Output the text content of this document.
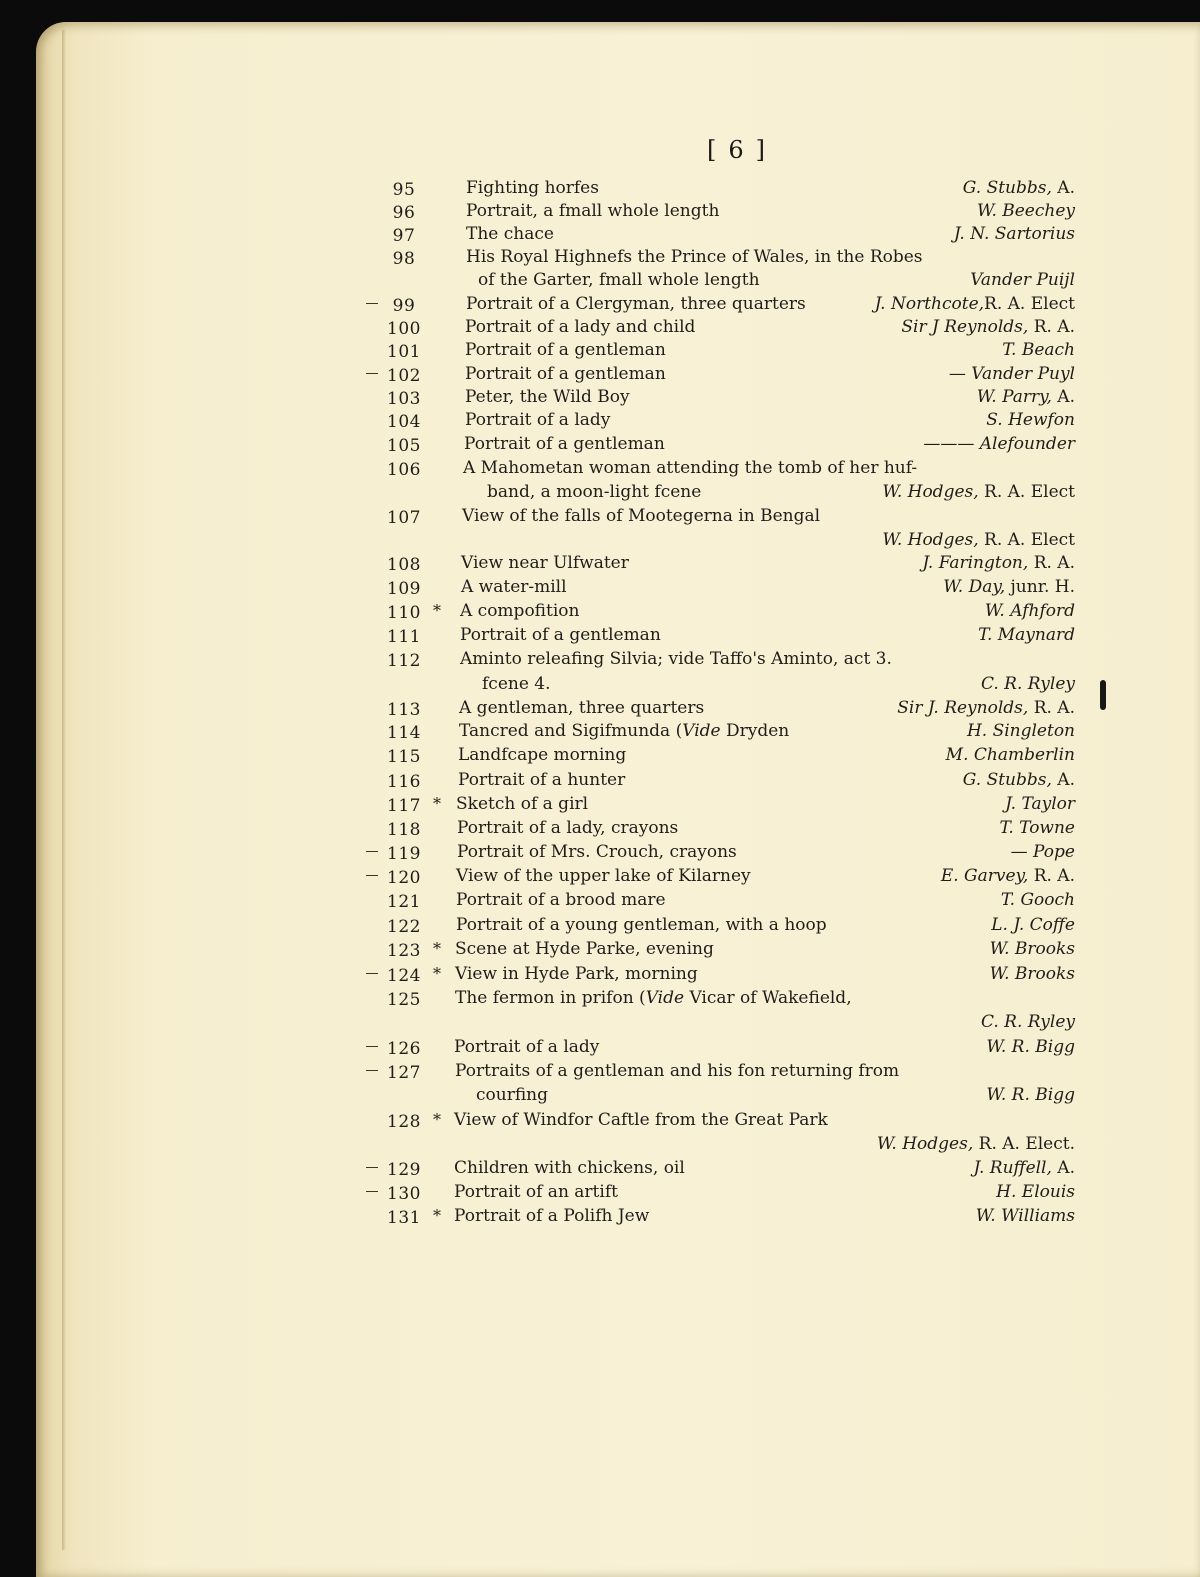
[ 6 ]
95	Fighting horfes	G. Stubbs, A.
96	Portrait, a fmall whole length	W. Beechey
97	The chace	J. N. Sartorius
98	His Royal Highnefs the Prince of Wales, in the Robes
of the Garter, fmall whole length	Vander Puijl
99	Portrait of a Clergyman, three quarters	J. Northcote,R. A. Elect
100	Portrait of a lady and child	Sir J Reynolds, R. A.
101	Portrait of a gentleman	T. Beach
102	Portrait of a gentleman	— Vander Puyl
103	Peter, the Wild Boy	W. Parry, A.
104	Portrait of a lady	S. Hewfon
105	Portrait of a gentleman	——— Alefounder
106	A Mahometan woman attending the tomb of her huf-
band, a moon-light fcene	W. Hodges, R. A. Elect
107	View of the falls of Mootegerna in Bengal
W. Hodges, R. A. Elect
108	View near Ulfwater	J. Farington, R. A.
109	A water-mill	W. Day, junr. H.
110 * A compofition	W. Afhford
111	Portrait of a gentleman	T. Maynard
112	Aminto releafing Silvia; vide Taffo's Aminto, act 3.
fcene 4.	C. R. Ryley
113	A gentleman, three quarters	Sir J. Reynolds, R. A.
114	Tancred and Sigifmunda (Vide Dryden	H. Singleton
115	Landfcape morning	M. Chamberlin
116	Portrait of a hunter	G. Stubbs, A.
117 * Sketch of a girl	J. Taylor
118	Portrait of a lady, crayons	T. Towne
119	Portrait of Mrs. Crouch, crayons	— Pope
120	View of the upper lake of Kilarney	E. Garvey, R. A.
121	Portrait of a brood mare	T. Gooch
122	Portrait of a young gentleman, with a hoop	L. J. Coffe
123 * Scene at Hyde Parke, evening	W. Brooks
124 * View in Hyde Park, morning	W. Brooks
125	The fermon in prifon (Vide Vicar of Wakefield,
C. R. Ryley
126	Portrait of a lady	W. R. Bigg
127	Portraits of a gentleman and his fon returning from
courfing	W. R. Bigg
128 * View of Windfor Caftle from the Great Park
W. Hodges, R. A. Elect.
129	Children with chickens, oil	J. Ruffell, A.
130	Portrait of an artift	H. Elouis
131 * Portrait of a Polifh Jew	W. Williams
